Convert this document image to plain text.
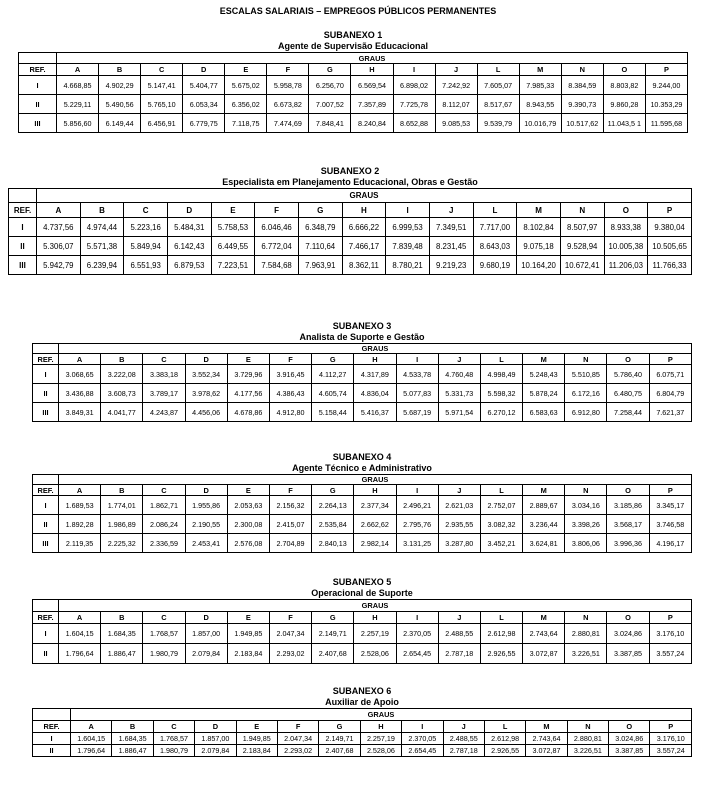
ESCALAS SALARIAIS – EMPREGOS PÚBLICOS PERMANENTES
SUBANEXO 1
Agente de Supervisão Educacional
	GRAUS														
REF.	A	B	C	D	E	F	G	H	I	J	L	M	N	O	P
I	4.668,85	4.902,29	5.147,41	5.404,77	5.675,02	5.958,78	6.256,70	6.569,54	6.898,02	7.242,92	7.605,07	7.985,33	8.384,59	8.803,82	9.244,00
II	5.229,11	5.490,56	5.765,10	6.053,34	6.356,02	6.673,82	7.007,52	7.357,89	7.725,78	8.112,07	8.517,67	8.943,55	9.390,73	9.860,28	10.353,29
III	5.856,60	6.149,44	6.456,91	6.779,75	7.118,75	7.474,69	7.848,41	8.240,84	8.652,88	9.085,53	9.539,79	10.016,79	10.517,62	11.043,5 1	11.595,68
SUBANEXO 2
Especialista em Planejamento Educacional, Obras e Gestão
	GRAUS														
REF.	A	B	C	D	E	F	G	H	I	J	L	M	N	O	P
I	4.737,56	4.974,44	5.223,16	5.484,31	5.758,53	6.046,46	6.348,79	6.666,22	6.999,53	7.349,51	7.717,00	8.102,84	8.507,97	8.933,38	9.380,04
II	5.306,07	5.571,38	5.849,94	6.142,43	6.449,55	6.772,04	7.110,64	7.466,17	7.839,48	8.231,45	8.643,03	9.075,18	9.528,94	10.005,38	10.505,65
III	5.942,79	6.239,94	6.551,93	6.879,53	7.223,51	7.584,68	7.963,91	8.362,11	8.780,21	9.219,23	9.680,19	10.164,20	10.672,41	11.206,03	11.766,33
SUBANEXO 3
Analista de Suporte e Gestão
	GRAUS														
REF.	A	B	C	D	E	F	G	H	I	J	L	M	N	O	P
I	3.068,65	3.222,08	3.383,18	3.552,34	3.729,96	3.916,45	4.112,27	4.317,89	4.533,78	4.760,48	4.998,49	5.248,43	5.510,85	5.786,40	6.075,71
II	3.436,88	3.608,73	3.789,17	3.978,62	4.177,56	4.386,43	4.605,74	4.836,04	5.077,83	5.331,73	5.598,32	5.878,24	6.172,16	6.480,75	6.804,79
III	3.849,31	4.041,77	4.243,87	4.456,06	4.678,86	4.912,80	5.158,44	5.416,37	5.687,19	5.971,54	6.270,12	6.583,63	6.912,80	7.258,44	7.621,37
SUBANEXO 4
Agente Técnico e Administrativo
	GRAUS														
REF.	A	B	C	D	E	F	G	H	I	J	L	M	N	O	P
I	1.689,53	1.774,01	1.862,71	1.955,86	2.053,63	2.156,32	2.264,13	2.377,34	2.496,21	2.621,03	2.752,07	2.889,67	3.034,16	3.185,86	3.345,17
II	1.892,28	1.986,89	2.086,24	2.190,55	2.300,08	2.415,07	2.535,84	2.662,62	2.795,76	2.935,55	3.082,32	3.236,44	3.398,26	3.568,17	3.746,58
III	2.119,35	2.225,32	2.336,59	2.453,41	2.576,08	2.704,89	2.840,13	2.982,14	3.131,25	3.287,80	3.452,21	3.624,81	3.806,06	3.996,36	4.196,17
SUBANEXO 5
Operacional de Suporte
	GRAUS														
REF.	A	B	C	D	E	F	G	H	I	J	L	M	N	O	P
I	1.604,15	1.684,35	1.768,57	1.857,00	1.949,85	2.047,34	2.149,71	2.257,19	2.370,05	2.488,55	2.612,98	2.743,64	2.880,81	3.024,86	3.176,10
II	1.796,64	1.886,47	1.980,79	2.079,84	2.183,84	2.293,02	2.407,68	2.528,06	2.654,45	2.787,18	2.926,55	3.072,87	3.226,51	3.387,85	3.557,24
SUBANEXO 6
Auxiliar de Apoio
	GRAUS														
REF.	A	B	C	D	E	F	G	H	I	J	L	M	N	O	P
I	1.604,15	1.684,35	1.768,57	1.857,00	1.949,85	2.047,34	2.149,71	2.257,19	2.370,05	2.488,55	2.612,98	2.743,64	2.880,81	3.024,86	3.176,10
II	1.796,64	1.886,47	1.980,79	2.079,84	2.183,84	2.293,02	2.407,68	2.528,06	2.654,45	2.787,18	2.926,55	3.072,87	3.226,51	3.387,85	3.557,24
